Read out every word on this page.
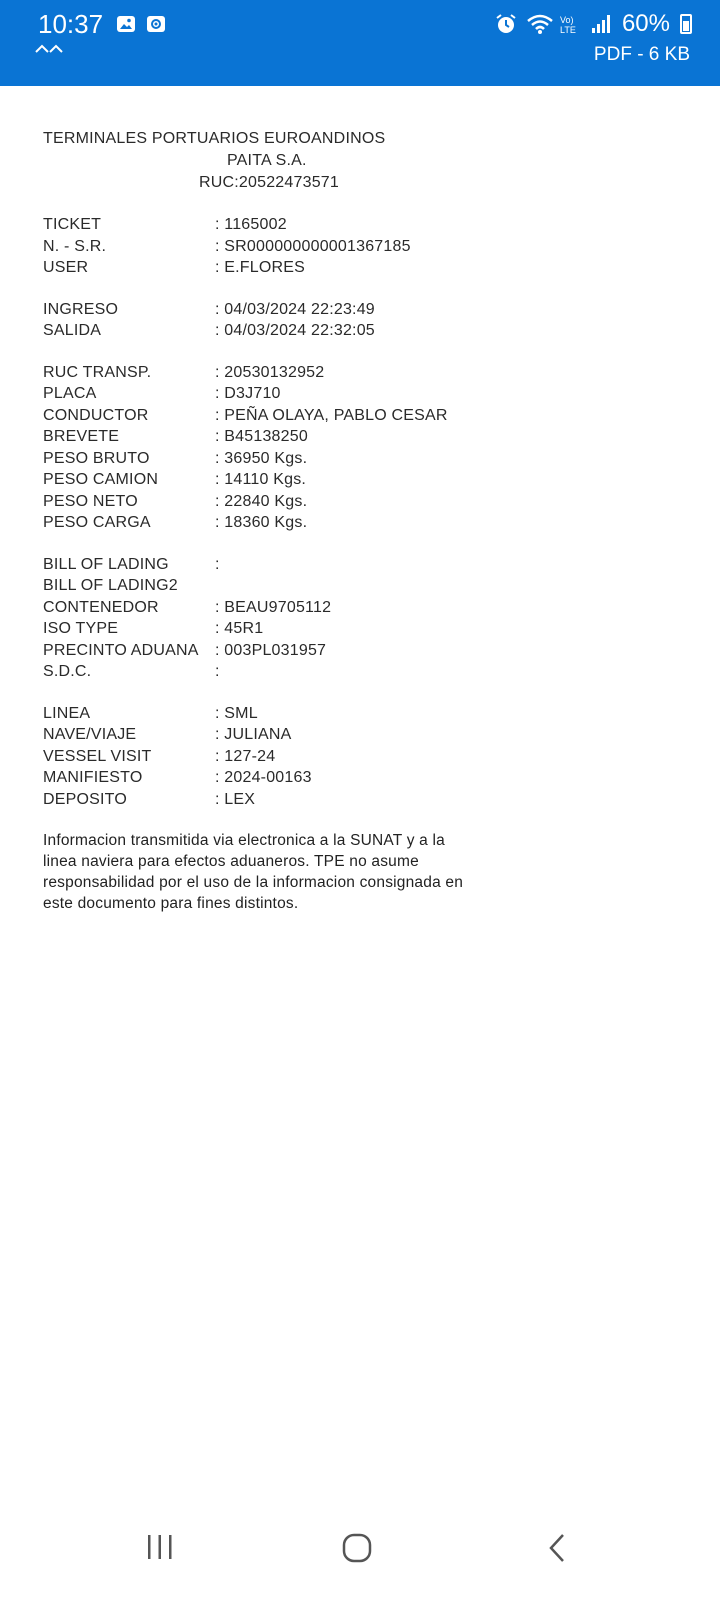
10:37	Vo)
LTE 60%
PDF - 6 KB
TERMINALES PORTUARIOS EUROANDINOS
PAITA S.A.
RUC:20522473571
TICKET	: 1165002
N. - S.R.	: SR000000000001367185
USER	: E.FLORES
INGRESO	: 04/03/2024 22:23:49
SALIDA	: 04/03/2024 22:32:05
RUC TRANSP.	: 20530132952
PLACA	: D3J710
CONDUCTOR	: PEÑA OLAYA, PABLO CESAR
BREVETE	: B45138250
PESO BRUTO	: 36950 Kgs.
PESO CAMION	: 14110 Kgs.
PESO NETO	: 22840 Kgs.
PESO CARGA	: 18360 Kgs.
BILL OF LADING	:
BILL OF LADING2
CONTENEDOR	: BEAU9705112
ISO TYPE	: 45R1
PRECINTO ADUANA	: 003PL031957
S.D.C.	:
LINEA	: SML
NAVE/VIAJE	: JULIANA
VESSEL VISIT	: 127-24
MANIFIESTO	: 2024-00163
DEPOSITO	: LEX

Informacion transmitida via electronica a la SUNAT y a la linea naviera para efectos aduaneros. TPE no asume responsabilidad por el uso de la informacion consignada en este documento para fines distintos.
